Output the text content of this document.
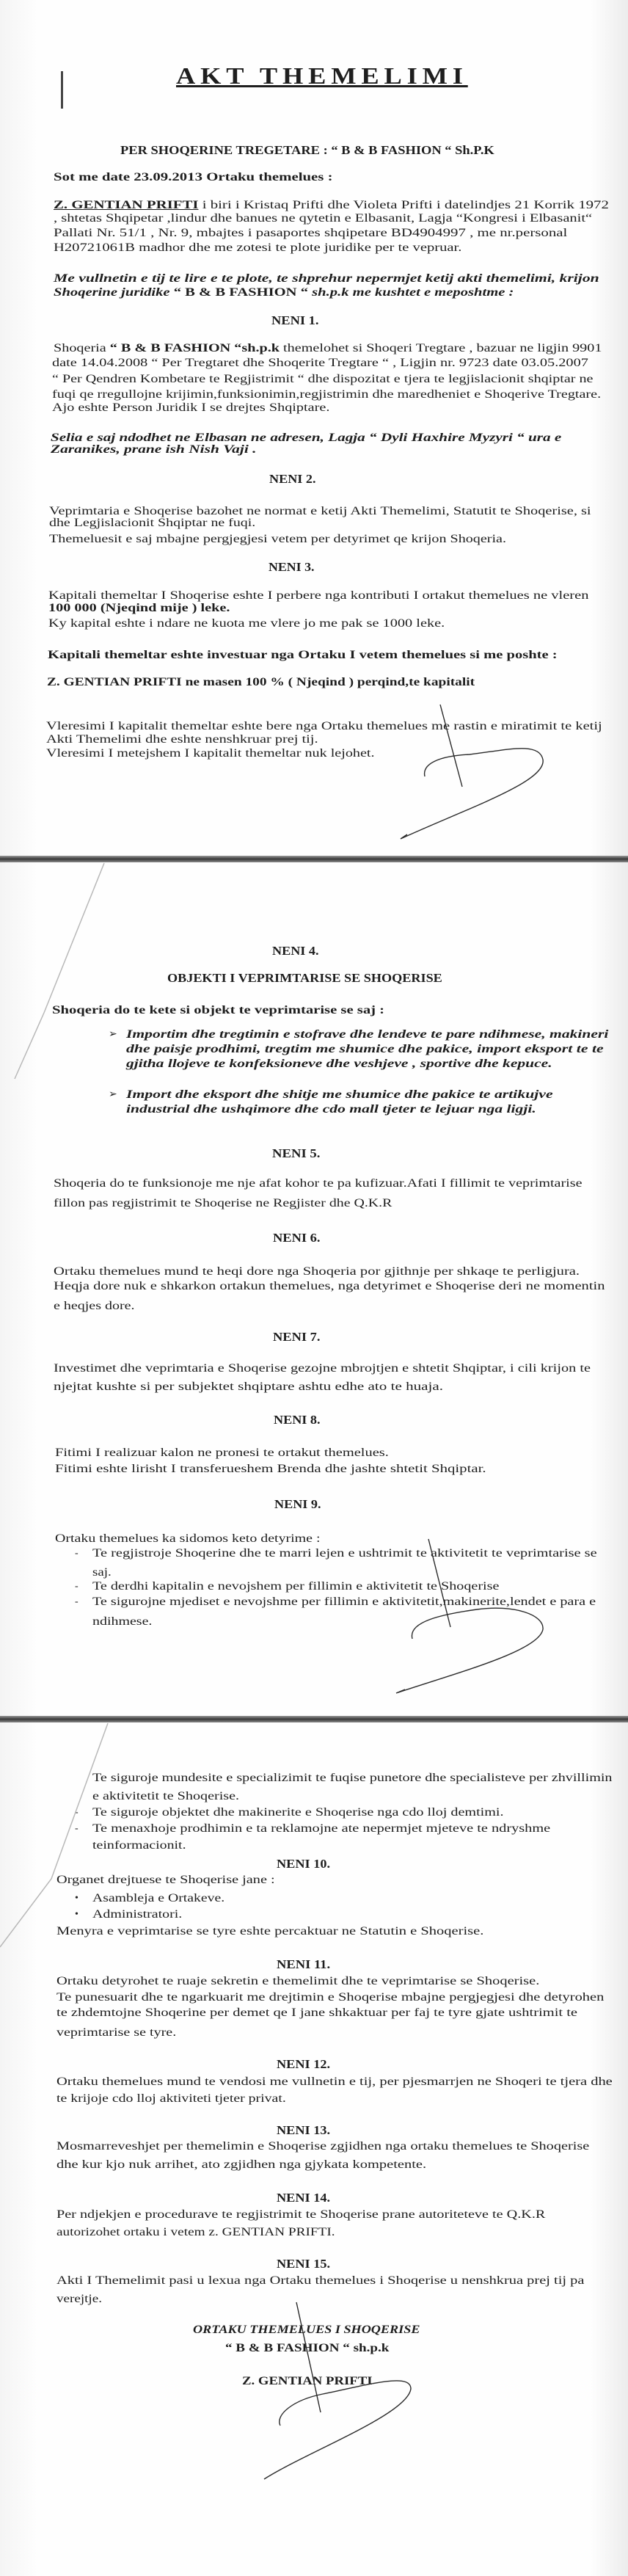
AKT THEMELIMI
PER SHOQERINE TREGETARE : “ B & B FASHION “ Sh.P.K
Sot me date 23.09.2013 Ortaku themelues :
Z. GENTIAN PRIFTI i biri i Kristaq Prifti dhe Violeta Prifti i datelindjes 21 Korrik 1972
, shtetas Shqipetar ,lindur dhe banues ne qytetin e Elbasanit, Lagja “Kongresi i Elbasanit“
Pallati Nr. 51/1 , Nr. 9, mbajtes i pasaportes shqipetare BD4904997 , me nr.personal
H20721061B madhor dhe me zotesi te plote juridike per te vepruar.
Me vullnetin e tij te lire e te plote, te shprehur nepermjet ketij akti themelimi, krijon
Shoqerine juridike “ B & B FASHION “ sh.p.k me kushtet e meposhtme :
NENI 1.
Shoqeria “ B & B FASHION “sh.p.k themelohet si Shoqeri Tregtare , bazuar ne ligjin 9901
date 14.04.2008 “ Per Tregtaret dhe Shoqerite Tregtare “ , Ligjin nr. 9723 date 03.05.2007
“ Per Qendren Kombetare te Regjistrimit “ dhe dispozitat e tjera te legjislacionit shqiptar ne
fuqi qe rregullojne krijimin,funksionimin,regjistrimin dhe maredheniet e Shoqerive Tregtare.
Ajo eshte Person Juridik I se drejtes Shqiptare.
Selia e saj ndodhet ne Elbasan ne adresen, Lagja “ Dyli Haxhire Myzyri “ ura e
Zaranikes, prane ish Nish Vaji .
NENI 2.
Veprimtaria e Shoqerise bazohet ne normat e ketij Akti Themelimi, Statutit te Shoqerise, si
dhe Legjislacionit Shqiptar ne fuqi.
Themeluesit e saj mbajne pergjegjesi vetem per detyrimet qe krijon Shoqeria.
NENI 3.
Kapitali themeltar I Shoqerise eshte I perbere nga kontributi I ortakut themelues ne vleren
100 000 (Njeqind mije ) leke.
Ky kapital eshte i ndare ne kuota me vlere jo me pak se 1000 leke.
Kapitali themeltar eshte investuar nga Ortaku I vetem themelues si me poshte :
Z. GENTIAN PRIFTI ne masen 100 % ( Njeqind ) perqind,te kapitalit
Vleresimi I kapitalit themeltar eshte bere nga Ortaku themelues me rastin e miratimit te ketij
Akti Themelimi dhe eshte nenshkruar prej tij.
Vleresimi I metejshem I kapitalit themeltar nuk lejohet.
NENI 4.
OBJEKTI I VEPRIMTARISE SE SHOQERISE
Shoqeria do te kete si objekt te veprimtarise se saj :
➢ Importim dhe tregtimin e stofrave dhe lendeve te pare ndihmese, makineri
dhe paisje prodhimi, tregtim me shumice dhe pakice, import eksport te te
gjitha llojeve te konfeksioneve dhe veshjeve , sportive dhe kepuce.
➢ Import dhe eksport dhe shitje me shumice dhe pakice te artikujve
industrial dhe ushqimore dhe cdo mall tjeter te lejuar nga ligji.
NENI 5.
Shoqeria do te funksionoje me nje afat kohor te pa kufizuar.Afati I fillimit te veprimtarise
fillon pas regjistrimit te Shoqerise ne Regjister dhe Q.K.R
NENI 6.
Ortaku themelues mund te heqi dore nga Shoqeria por gjithnje per shkaqe te perligjura.
Heqja dore nuk e shkarkon ortakun themelues, nga detyrimet e Shoqerise deri ne momentin
e heqjes dore.
NENI 7.
Investimet dhe veprimtaria e Shoqerise gezojne mbrojtjen e shtetit Shqiptar, i cili krijon te
njejtat kushte si per subjektet shqiptare ashtu edhe ato te huaja.
NENI 8.
Fitimi I realizuar kalon ne pronesi te ortakut themelues.
Fitimi eshte lirisht I transferueshem Brenda dhe jashte shtetit Shqiptar.
NENI 9.
Ortaku themelues ka sidomos keto detyrime :
- Te regjistroje Shoqerine dhe te marri lejen e ushtrimit te aktivitetit te veprimtarise se
saj.
- Te derdhi kapitalin e nevojshem per fillimin e aktivitetit te Shoqerise
- Te sigurojne mjediset e nevojshme per fillimin e aktivitetit,makinerite,lendet e para e
ndihmese.
Te siguroje mundesite e specializimit te fuqise punetore dhe specialisteve per zhvillimin
e aktivitetit te Shoqerise.
- Te siguroje objektet dhe makinerite e Shoqerise nga cdo lloj demtimi.
- Te menaxhoje prodhimin e ta reklamojne ate nepermjet mjeteve te ndryshme
teinformacionit.
NENI 10.
Organet drejtuese te Shoqerise jane :
• Asambleja e Ortakeve.
• Administratori.
Menyra e veprimtarise se tyre eshte percaktuar ne Statutin e Shoqerise.
NENI 11.
Ortaku detyrohet te ruaje sekretin e themelimit dhe te veprimtarise se Shoqerise.
Te punesuarit dhe te ngarkuarit me drejtimin e Shoqerise mbajne pergjegjesi dhe detyrohen
te zhdemtojne Shoqerine per demet qe I jane shkaktuar per faj te tyre gjate ushtrimit te
veprimtarise se tyre.
NENI 12.
Ortaku themelues mund te vendosi me vullnetin e tij, per pjesmarrjen ne Shoqeri te tjera dhe
te krijoje cdo lloj aktiviteti tjeter privat.
NENI 13.
Mosmarreveshjet per themelimin e Shoqerise zgjidhen nga ortaku themelues te Shoqerise
dhe kur kjo nuk arrihet, ato zgjidhen nga gjykata kompetente.
NENI 14.
Per ndjekjen e procedurave te regjistrimit te Shoqerise prane autoriteteve te Q.K.R
autorizohet ortaku i vetem z. GENTIAN PRIFTI.
NENI 15.
Akti I Themelimit pasi u lexua nga Ortaku themelues i Shoqerise u nenshkrua prej tij pa
verejtje.
ORTAKU THEMELUES I SHOQERISE
“ B & B FASHION “ sh.p.k
Z. GENTIAN PRIFTI
